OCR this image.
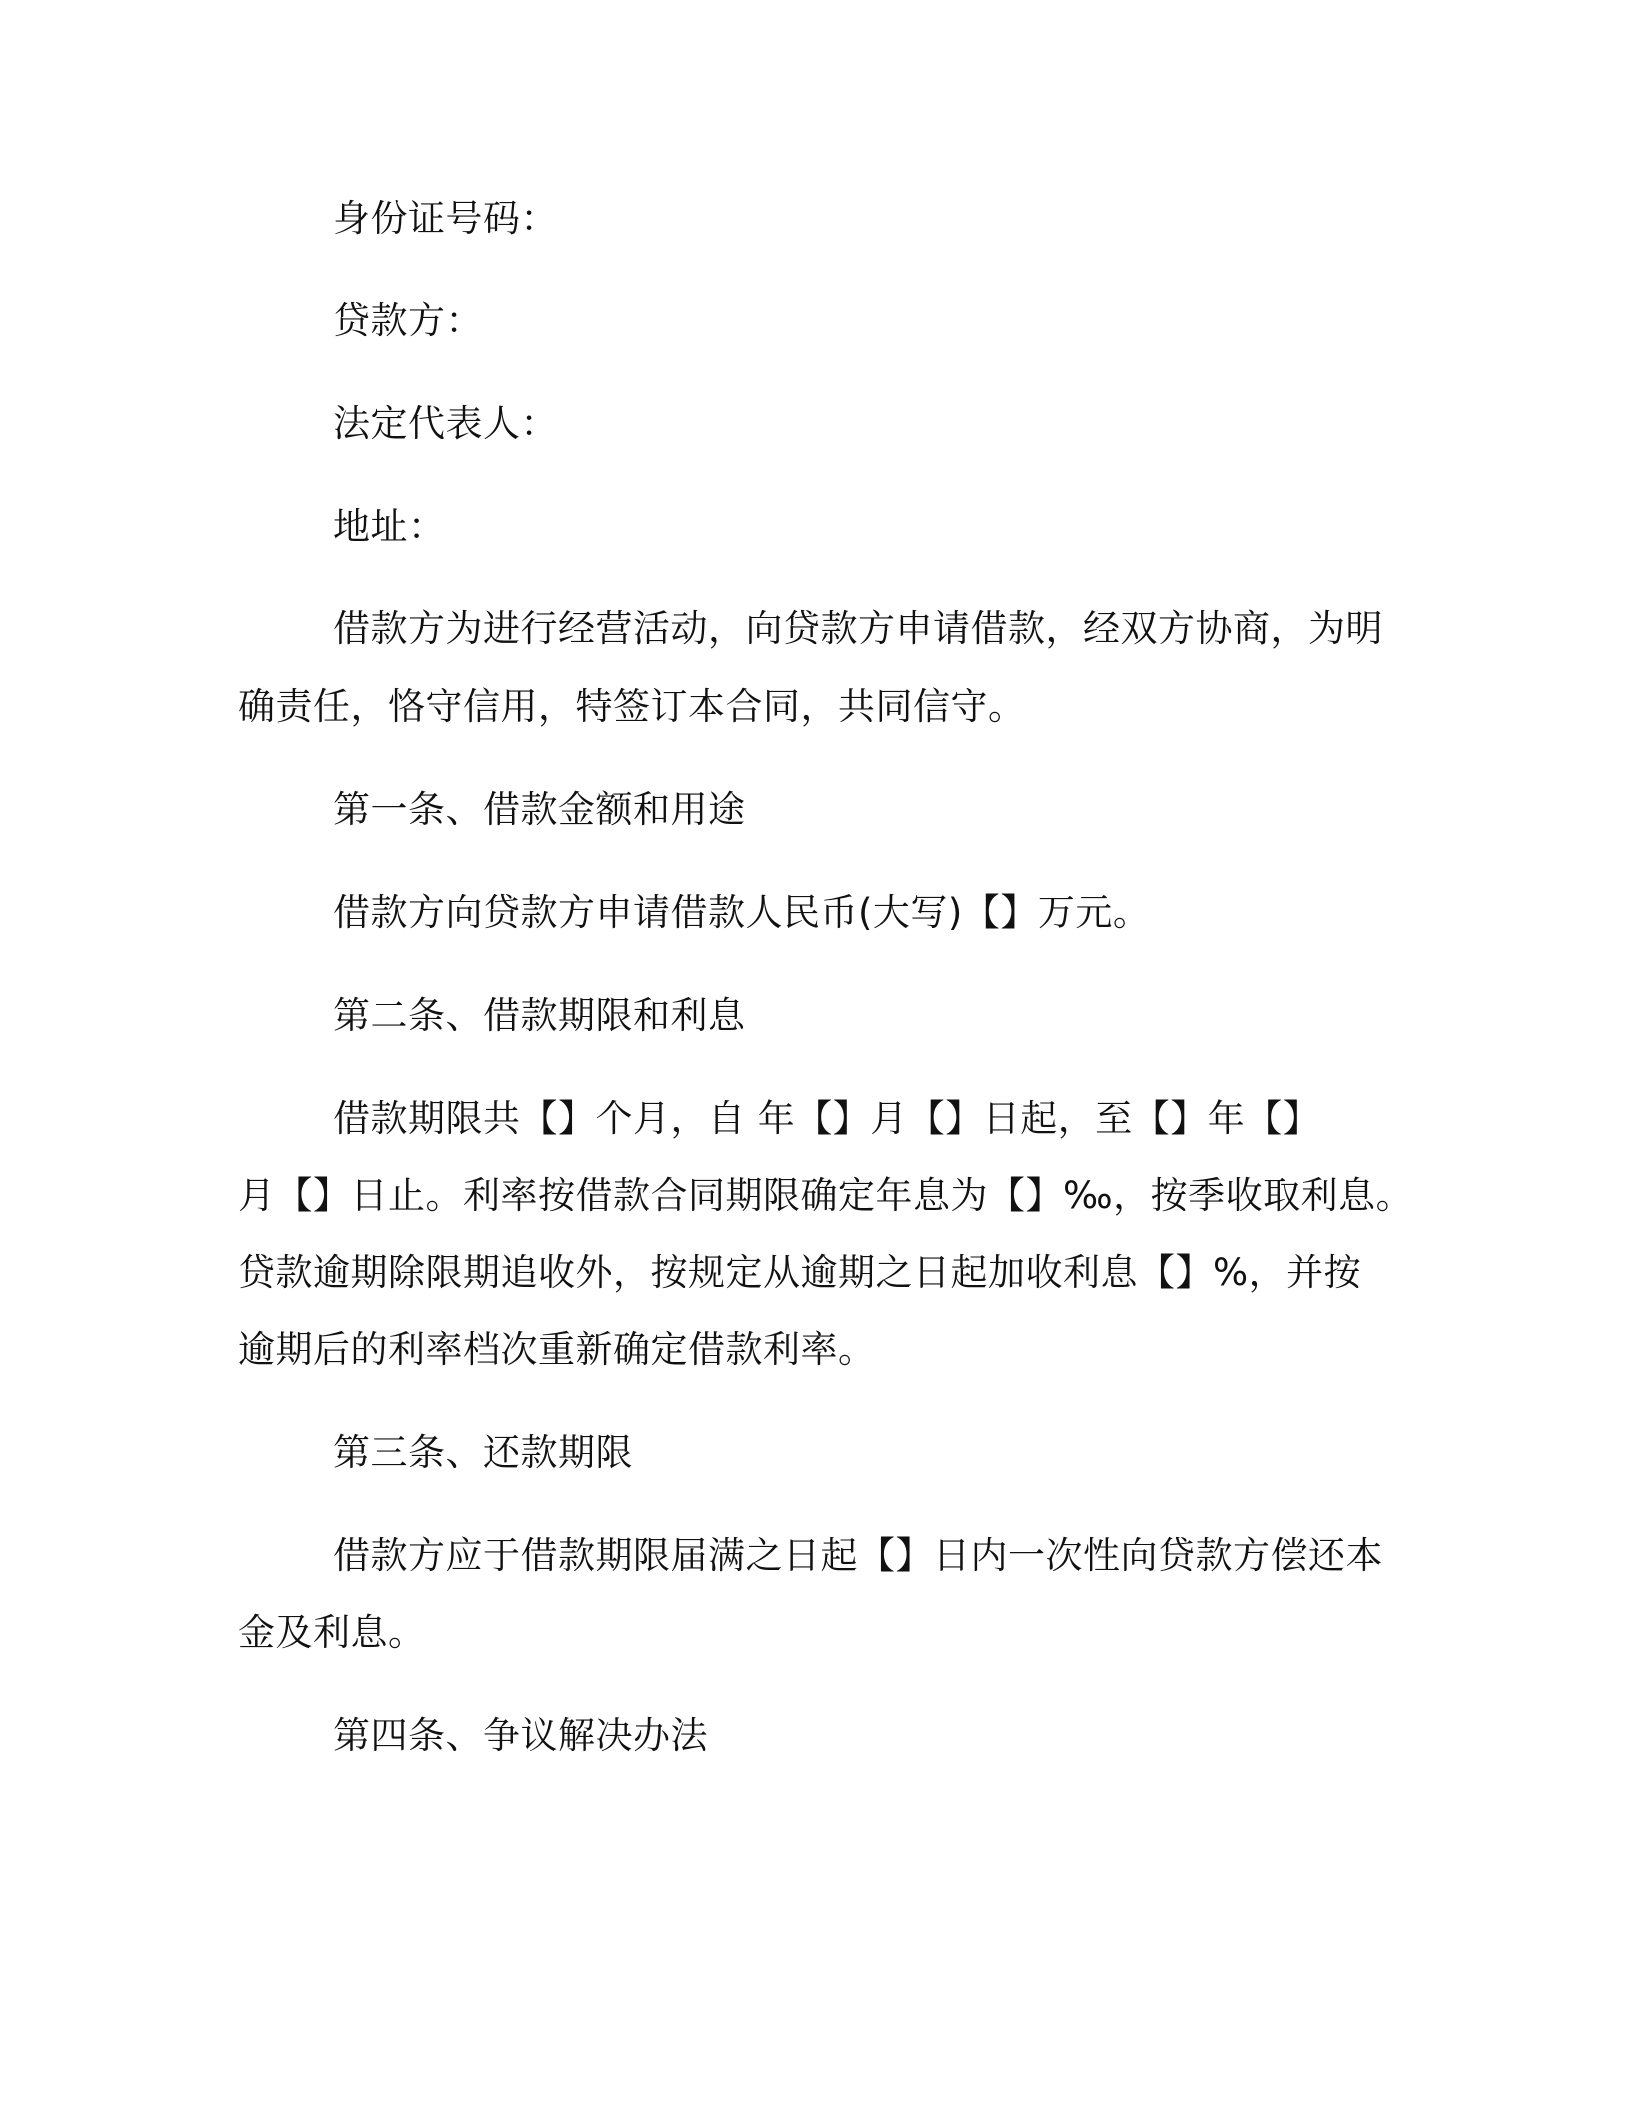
身份证号码：
贷款方：
法定代表人：
地址：
借款方为进行经营活动，向贷款方申请借款，经双方协商，为明
确责任，恪守信用，特签订本合同，共同信守。
第一条、借款金额和用途
借款方向贷款方申请借款人民币(大写)【】万元。
第二条、借款期限和利息
借款期限共【】个月，自 年【】月【】日起，至【】年【】
月【】日止。利率按借款合同期限确定年息为【】‰，按季收取利息。
贷款逾期除限期追收外，按规定从逾期之日起加收利息【】%，并按
逾期后的利率档次重新确定借款利率。
第三条、还款期限
借款方应于借款期限届满之日起【】日内一次性向贷款方偿还本
金及利息。
第四条、争议解决办法
